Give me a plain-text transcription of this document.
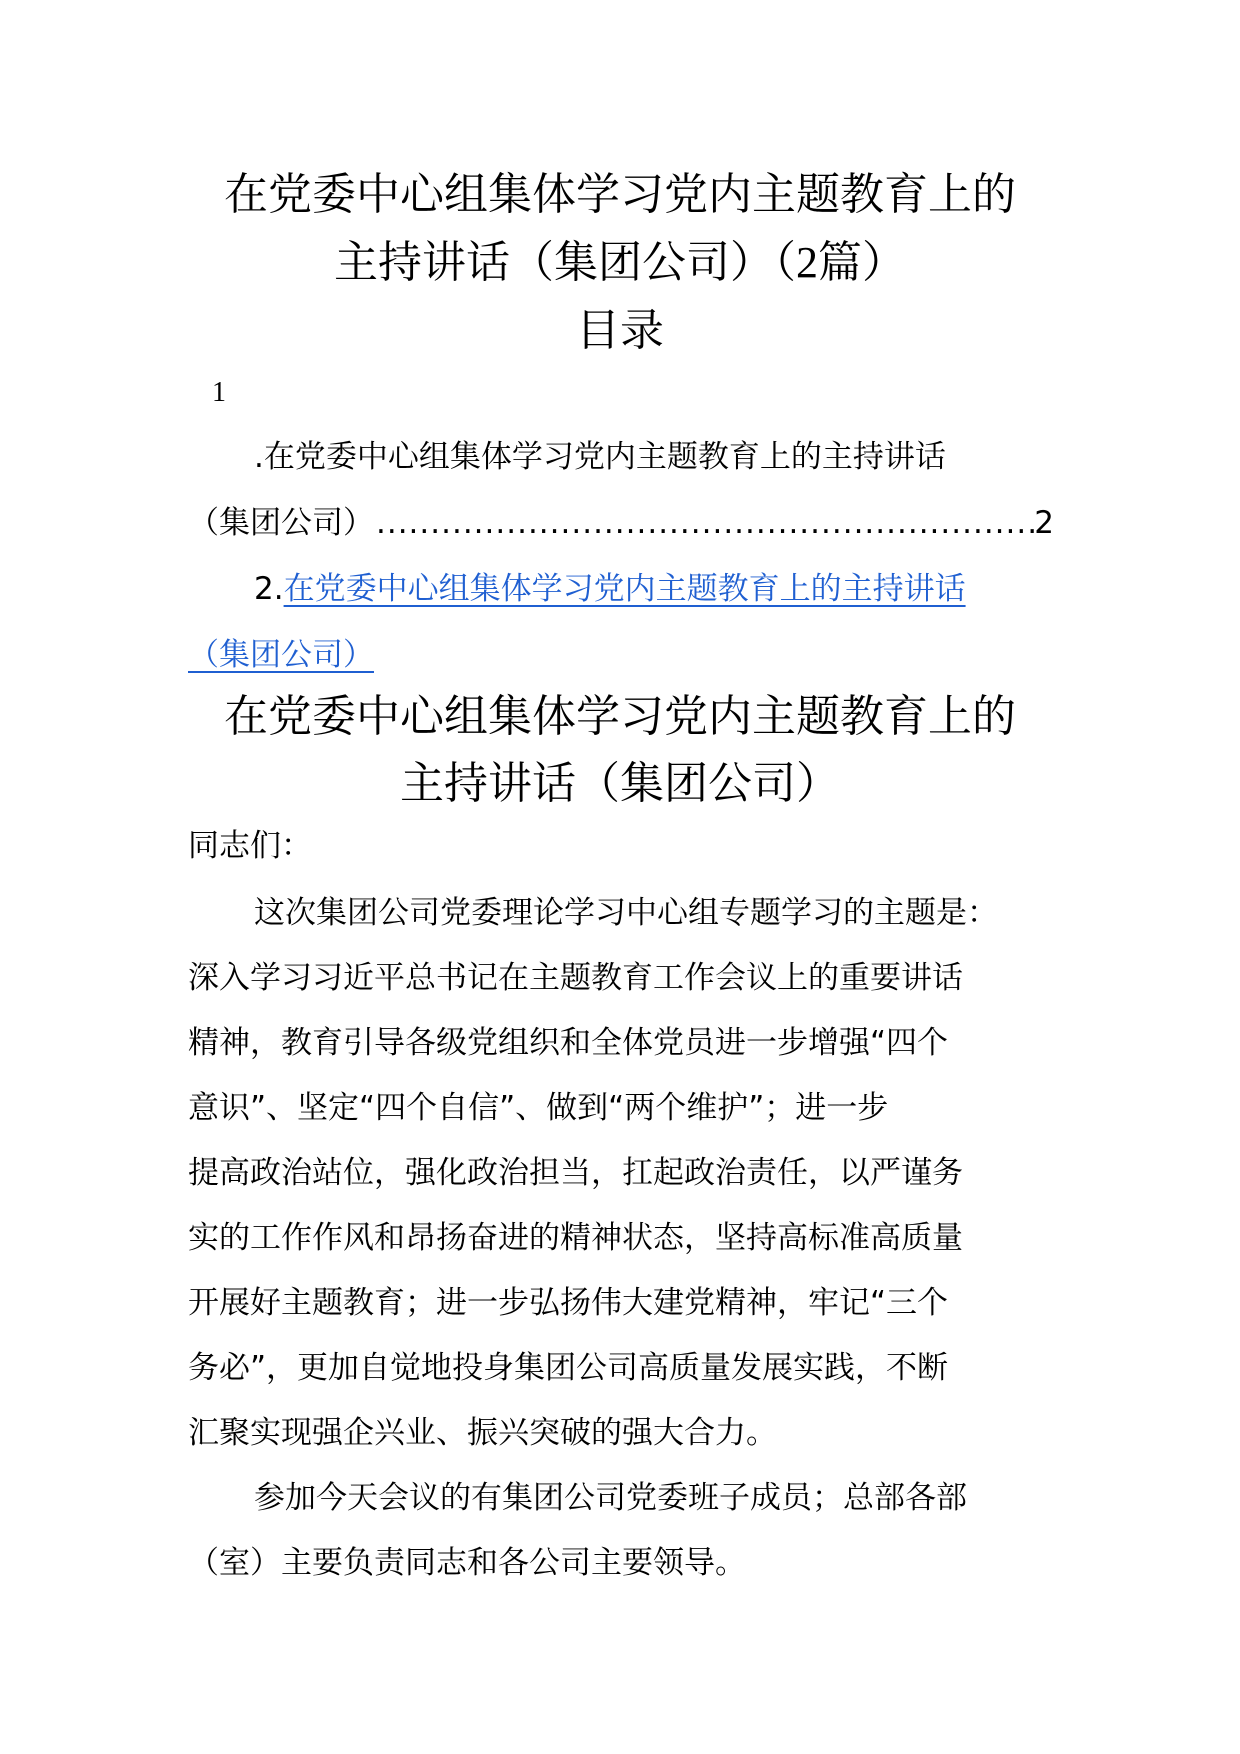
在党委中心组集体学习党内主题教育上的
主持讲话（集团公司）（2篇）
目录
1
.在党委中心组集体学习党内主题教育上的主持讲话
（集团公司）
.....	2
2.在党委中心组集体学习党内主题教育上的主持讲话
（集团公司）
在党委中心组集体学习党内主题教育上的
主持讲话（集团公司）
同志们：
这次集团公司党委理论学习中心组专题学习的主题是：
深入学习习近平总书记在主题教育工作会议上的重要讲话
精神，教育引导各级党组织和全体党员进一步增强“四个
意识”、坚定“四个自信”、做到“两个维护”；进一步
提高政治站位，强化政治担当，扛起政治责任，以严谨务
实的工作作风和昂扬奋进的精神状态，坚持高标准高质量
开展好主题教育；进一步弘扬伟大建党精神，牢记“三个
务必”，更加自觉地投身集团公司高质量发展实践，不断
汇聚实现强企兴业、振兴突破的强大合力。
参加今天会议的有集团公司党委班子成员；总部各部
（室）主要负责同志和各公司主要领导。
